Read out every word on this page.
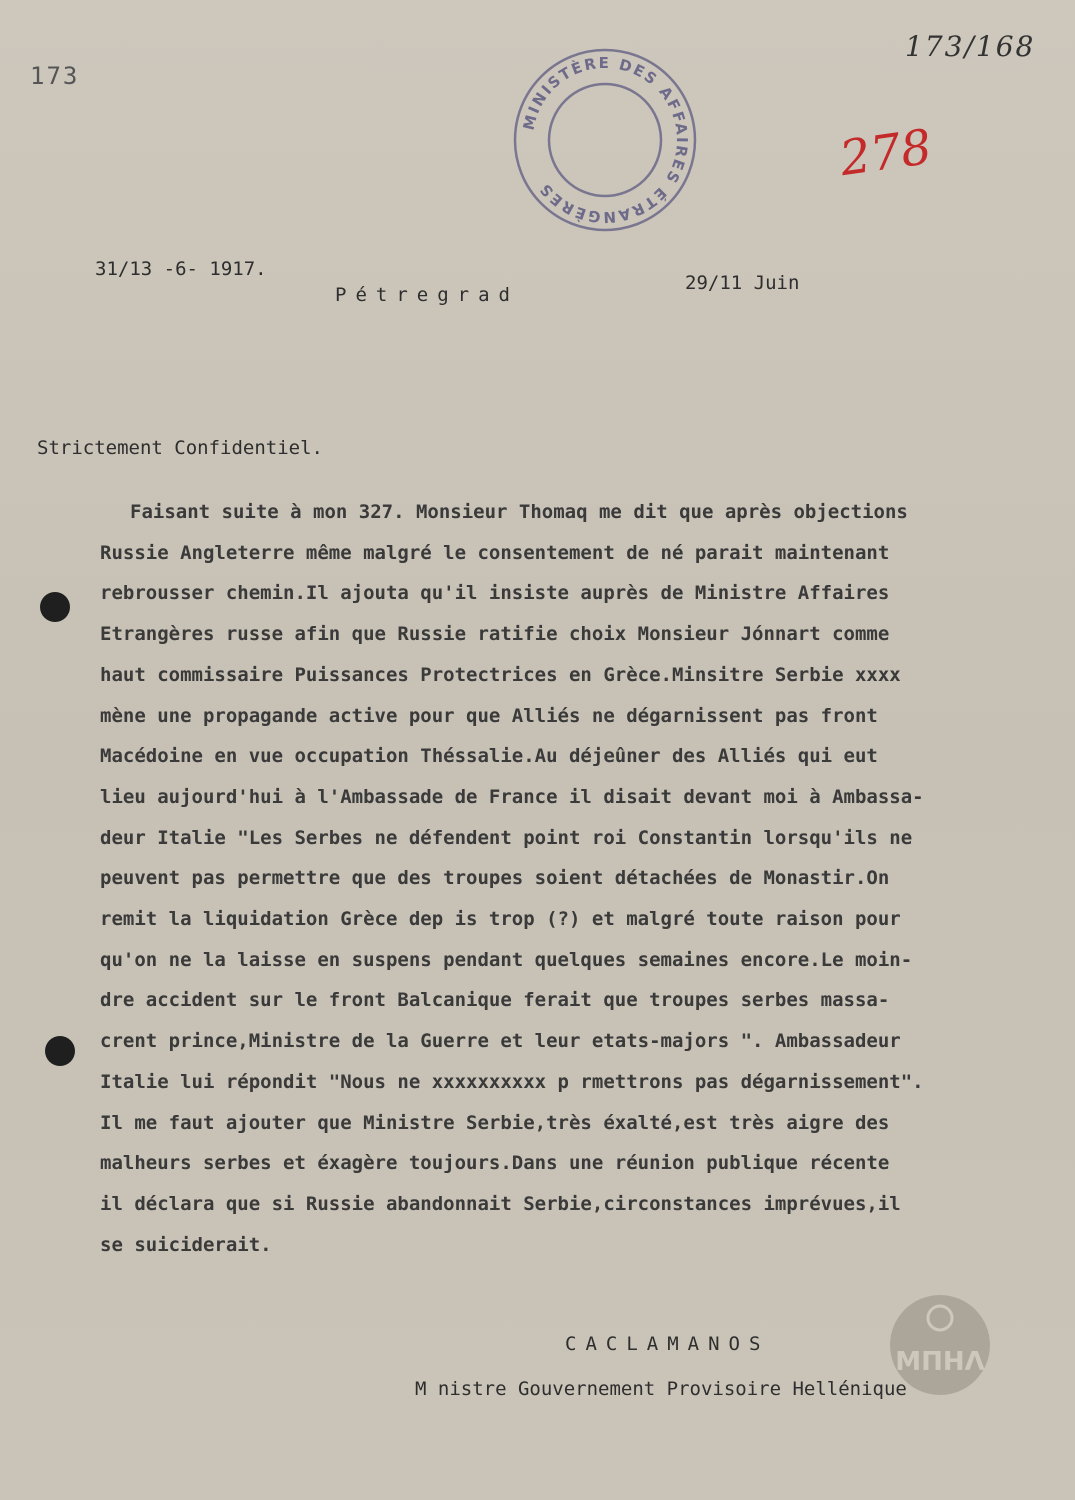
173
173/168
278
MINISTÈRE DES AFFAIRES ÉTRANGÈRES
31/13 -6- 1917.
Pétregrad
29/11 Juin
Strictement Confidentiel.
Faisant suite à mon 327. Monsieur Thomaq me dit que après objections
Russie Angleterre même malgré le consentement de né parait maintenant
rebrousser chemin.Il ajouta qu'il insiste auprès de Ministre Affaires
Etrangères russe afin que Russie ratifie choix Monsieur Jónnart comme
haut commissaire Puissances Protectrices en Grèce.Minsitre Serbie xxxx
mène une propagande active pour que Alliés ne dégarnissent pas front
Macédoine en vue occupation Théssalie.Au déjeûner des Alliés qui eut
lieu aujourd'hui à l'Ambassade de France il disait devant moi à Ambassa-
deur Italie "Les Serbes ne défendent point roi Constantin lorsqu'ils ne
peuvent pas permettre que des troupes soient détachées de Monastir.On
remit la liquidation Grèce dep is trop (?) et malgré toute raison pour
qu'on ne la laisse en suspens pendant quelques semaines encore.Le moin-
dre accident sur le front Balcanique ferait que troupes serbes massa-
crent prince,Ministre de la Guerre et leur etats-majors ". Ambassadeur
Italie lui répondit "Nous ne xxxxxxxxxx p rmettrons pas dégarnissement".
Il me faut ajouter que Ministre Serbie,très éxalté,est très aigre des
malheurs serbes et éxagère toujours.Dans une réunion publique récente
il déclara que si Russie abandonnait Serbie,circonstances imprévues,il
se suiciderait.
CACLAMANOS
M nistre Gouvernement Provisoire Hellénique
ΜΠΗΛ
